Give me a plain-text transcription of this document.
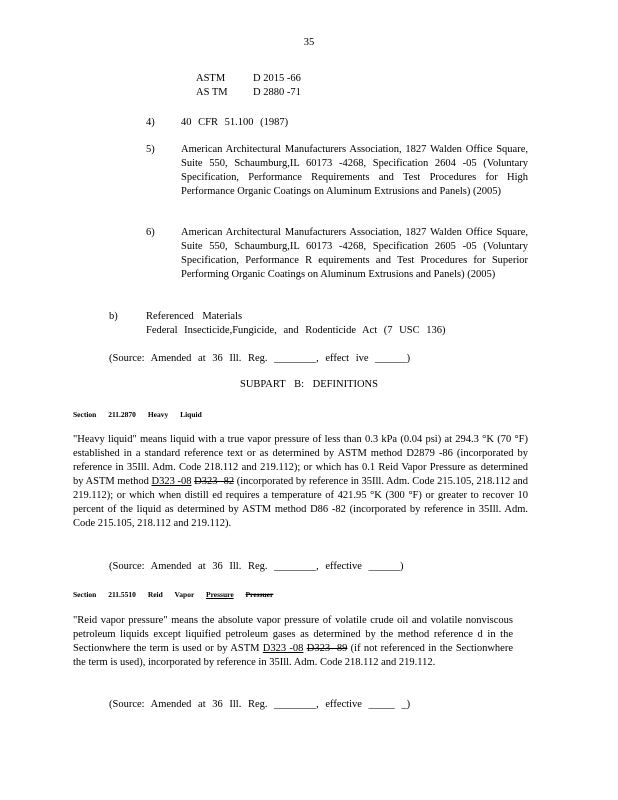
35
ASTM	D 2015 -66
AS TM D 2880 -71
4)	40 CFR 51.100 (1987)
5)	American Architectural Manufacturers Association, 1827 Walden Office Square, Suite 550, Schaumburg,IL 60173 -4268, Specification 2604 -05 (Voluntary Specification, Performance Requirements and Test Procedures for High Performance Organic Coatings on Aluminum Extrusions and Panels) (2005)
6)	American Architectural Manufacturers Association, 1827 Walden Office Square, Suite 550, Schaumburg,IL 60173 -4268, Specification 2605 -05 (Voluntary Specification, Performance R equirements and Test Procedures for Superior Performing Organic Coatings on Aluminum Extrusions and Panels) (2005)
b)	Referenced Materials
Federal Insecticide,Fungicide, and Rodenticide Act (7 USC 136)
(Source: Amended at 36 Ill. Reg. ________, effect ive ______)
SUBPART B: DEFINITIONS
Section 211.2870 Heavy Liquid
"Heavy liquid" means liquid with a true vapor pressure of less than 0.3 kPa (0.04 psi) at 294.3 °K (70 °F) established in a standard reference text or as determined by ASTM method D2879 -86 (incorporated by reference in 35Ill. Adm. Code 218.112 and 219.112); or which has 0.1 Reid Vapor Pressure as determined by ASTM method D323 -08 D323 -82 (incorporated by reference in 35Ill. Adm. Code 215.105, 218.112 and 219.112); or which when distill ed requires a temperature of 421.95 °K (300 °F) or greater to recover 10 percent of the liquid as determined by ASTM method D86 -82 (incorporated by reference in 35Ill. Adm. Code 215.105, 218.112 and 219.112).
(Source: Amended at 36 Ill. Reg. ________, effective ______)
Section 211.5510 Reid Vapor Pressure Pressuer
"Reid vapor pressure" means the absolute vapor pressure of volatile crude oil and volatile nonviscous petroleum liquids except liquified petroleum gases as determined by the method reference d in the Sectionwhere the term is used or by ASTM D323 -08 D323 -89 (if not referenced in the Sectionwhere the term is used), incorporated by reference in 35Ill. Adm. Code 218.112 and 219.112.
(Source: Amended at 36 Ill. Reg. ________, effective _____ _)
